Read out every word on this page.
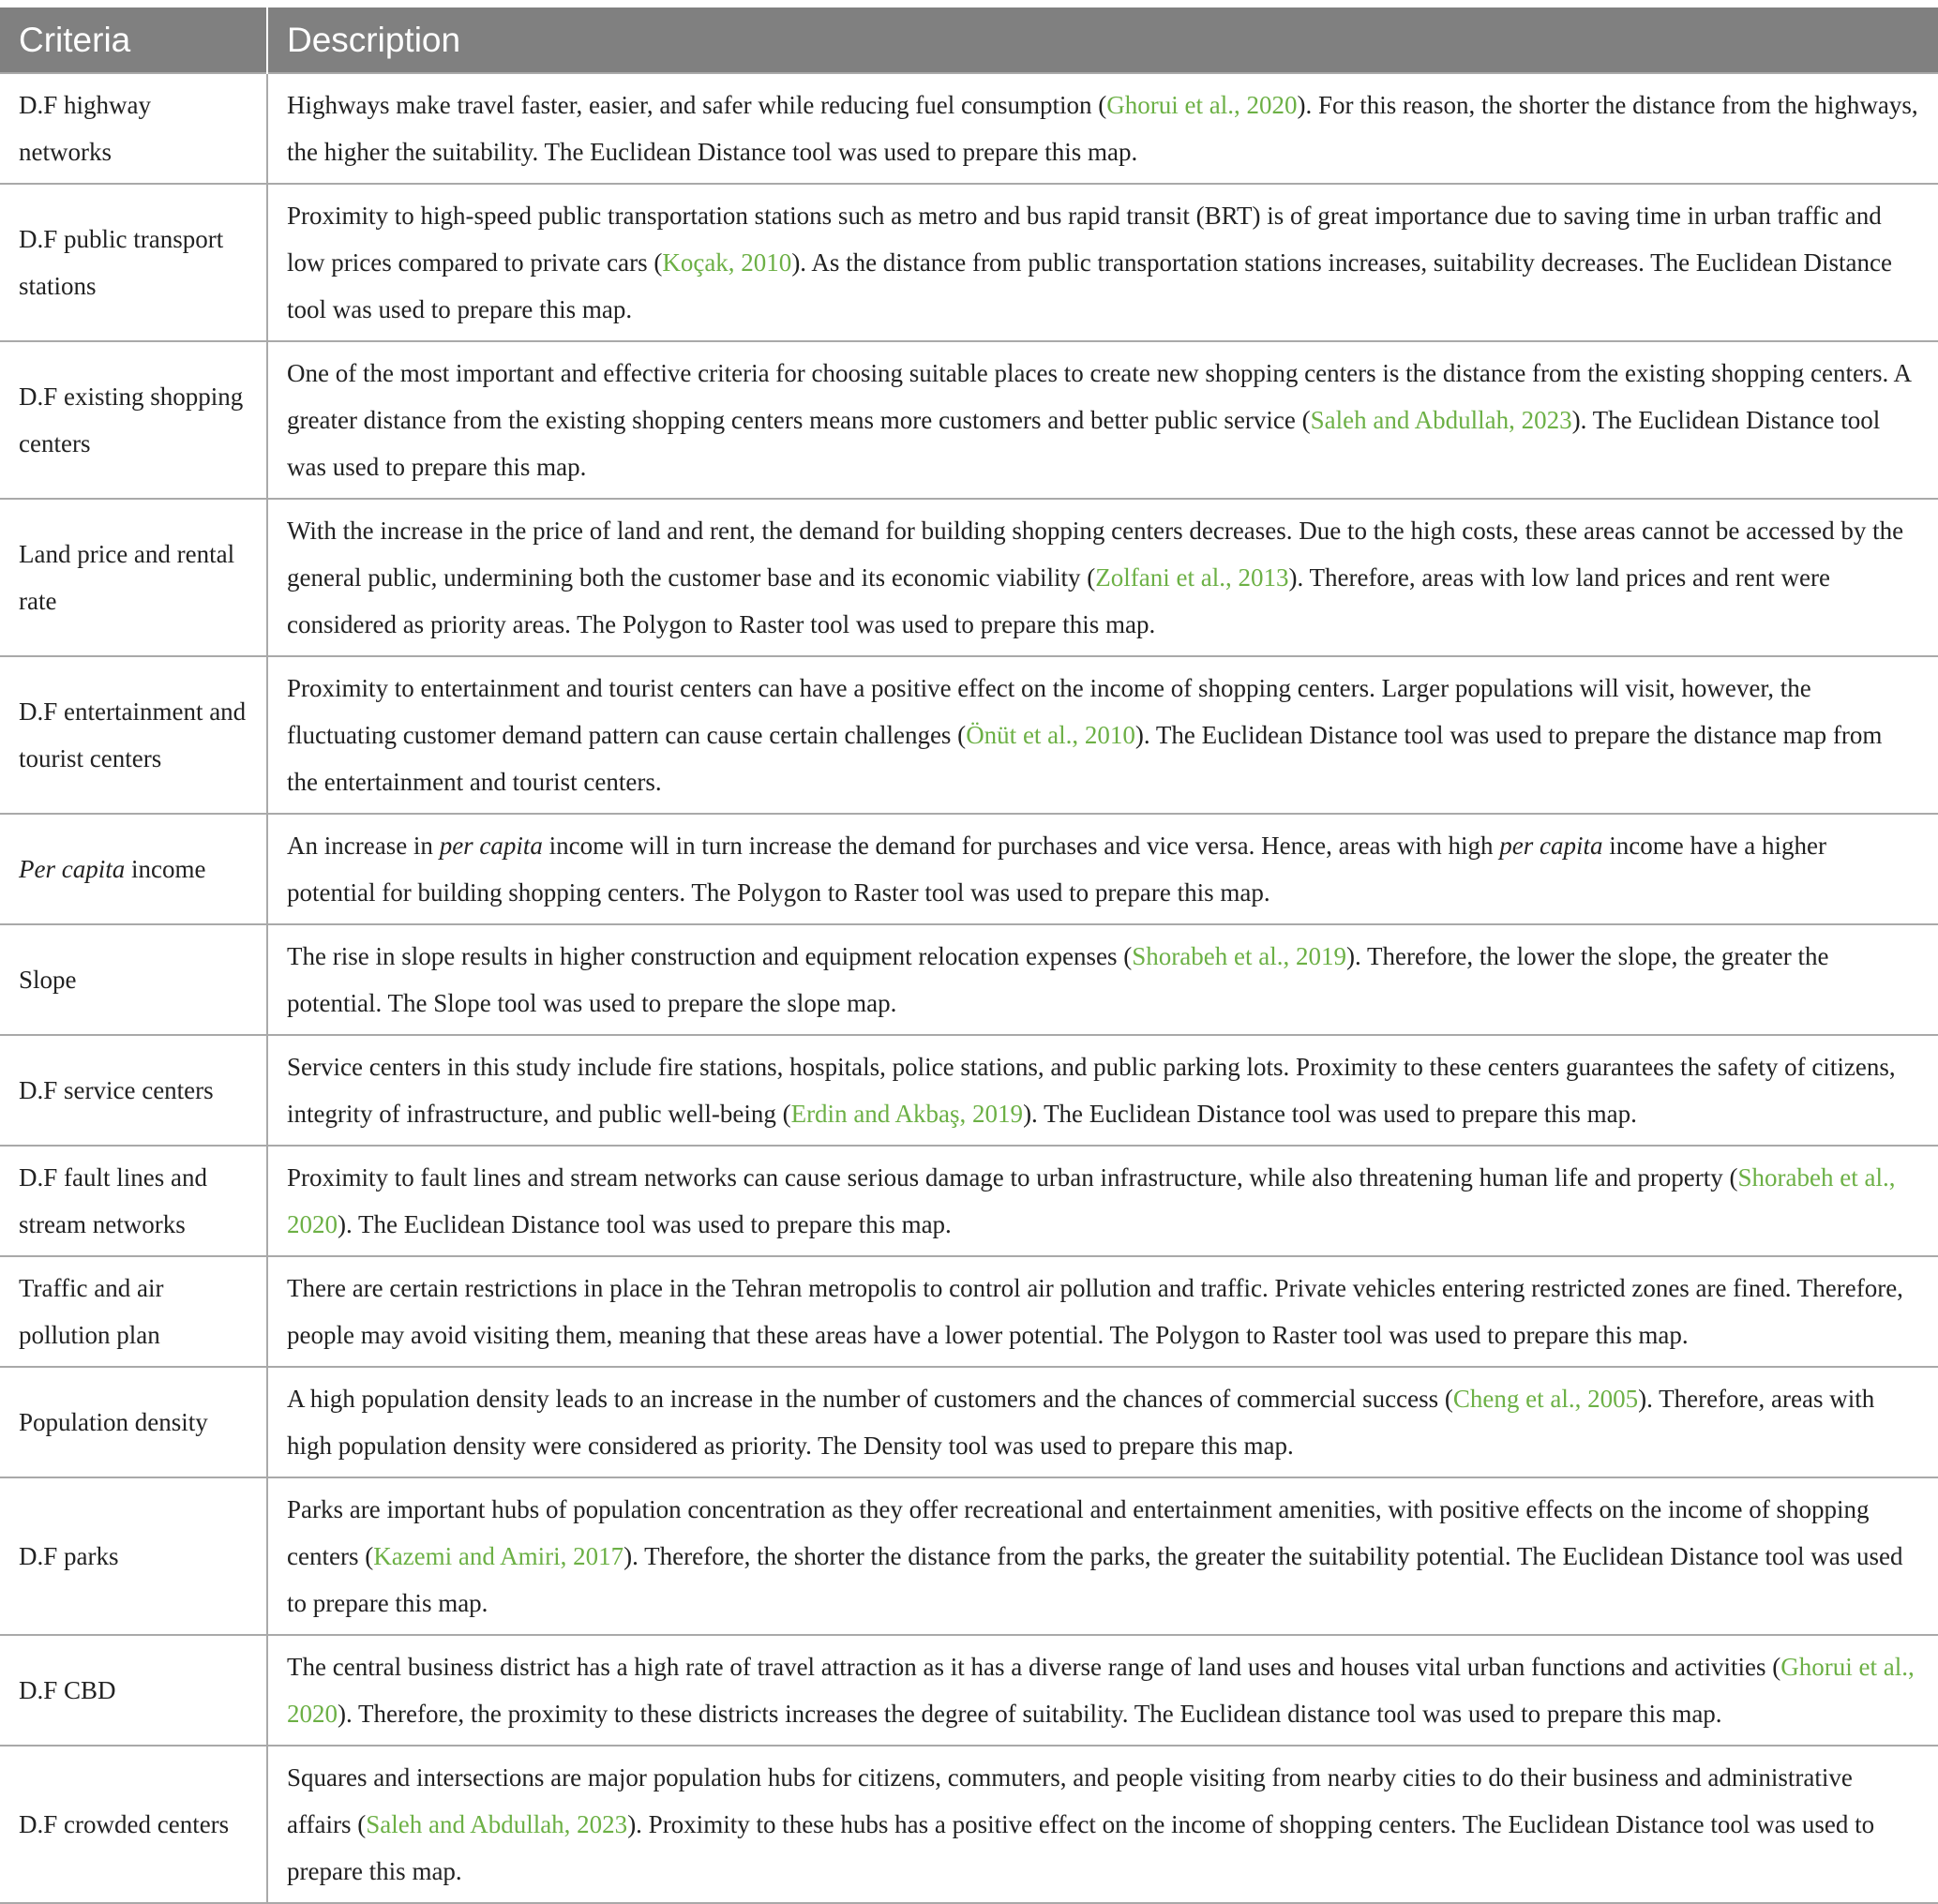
Criteria	Description
D.F highway networks	Highways make travel faster, easier, and safer while reducing fuel consumption (Ghorui et al., 2020). For this reason, the shorter the distance from the highways, the higher the suitability. The Euclidean Distance tool was used to prepare this map.
D.F public transport stations	Proximity to high-speed public transportation stations such as metro and bus rapid transit (BRT) is of great importance due to saving time in urban traffic and low prices compared to private cars (Koçak, 2010). As the distance from public transportation stations increases, suitability decreases. The Euclidean Distance tool was used to prepare this map.
D.F existing shopping centers	One of the most important and effective criteria for choosing suitable places to create new shopping centers is the distance from the existing shopping centers. A greater distance from the existing shopping centers means more customers and better public service (Saleh and Abdullah, 2023). The Euclidean Distance tool was used to prepare this map.
Land price and rental rate	With the increase in the price of land and rent, the demand for building shopping centers decreases. Due to the high costs, these areas cannot be accessed by the general public, undermining both the customer base and its economic viability (Zolfani et al., 2013). Therefore, areas with low land prices and rent were considered as priority areas. The Polygon to Raster tool was used to prepare this map.
D.F entertainment and tourist centers	Proximity to entertainment and tourist centers can have a positive effect on the income of shopping centers. Larger populations will visit, however, the fluctuating customer demand pattern can cause certain challenges (Önüt et al., 2010). The Euclidean Distance tool was used to prepare the distance map from the entertainment and tourist centers.
Per capita income	An increase in per capita income will in turn increase the demand for purchases and vice versa. Hence, areas with high per capita income have a higher potential for building shopping centers. The Polygon to Raster tool was used to prepare this map.
Slope	The rise in slope results in higher construction and equipment relocation expenses (Shorabeh et al., 2019). Therefore, the lower the slope, the greater the potential. The Slope tool was used to prepare the slope map.
D.F service centers	Service centers in this study include fire stations, hospitals, police stations, and public parking lots. Proximity to these centers guarantees the safety of citizens, integrity of infrastructure, and public well-being (Erdin and Akbaş, 2019). The Euclidean Distance tool was used to prepare this map.
D.F fault lines and stream networks	Proximity to fault lines and stream networks can cause serious damage to urban infrastructure, while also threatening human life and property (Shorabeh et al., 2020). The Euclidean Distance tool was used to prepare this map.
Traffic and air pollution plan	There are certain restrictions in place in the Tehran metropolis to control air pollution and traffic. Private vehicles entering restricted zones are fined. Therefore, people may avoid visiting them, meaning that these areas have a lower potential. The Polygon to Raster tool was used to prepare this map.
Population density	A high population density leads to an increase in the number of customers and the chances of commercial success (Cheng et al., 2005). Therefore, areas with high population density were considered as priority. The Density tool was used to prepare this map.
D.F parks	Parks are important hubs of population concentration as they offer recreational and entertainment amenities, with positive effects on the income of shopping centers (Kazemi and Amiri, 2017). Therefore, the shorter the distance from the parks, the greater the suitability potential. The Euclidean Distance tool was used to prepare this map.
D.F CBD	The central business district has a high rate of travel attraction as it has a diverse range of land uses and houses vital urban functions and activities (Ghorui et al., 2020). Therefore, the proximity to these districts increases the degree of suitability. The Euclidean distance tool was used to prepare this map.
D.F crowded centers	Squares and intersections are major population hubs for citizens, commuters, and people visiting from nearby cities to do their business and administrative affairs (Saleh and Abdullah, 2023). Proximity to these hubs has a positive effect on the income of shopping centers. The Euclidean Distance tool was used to prepare this map.
